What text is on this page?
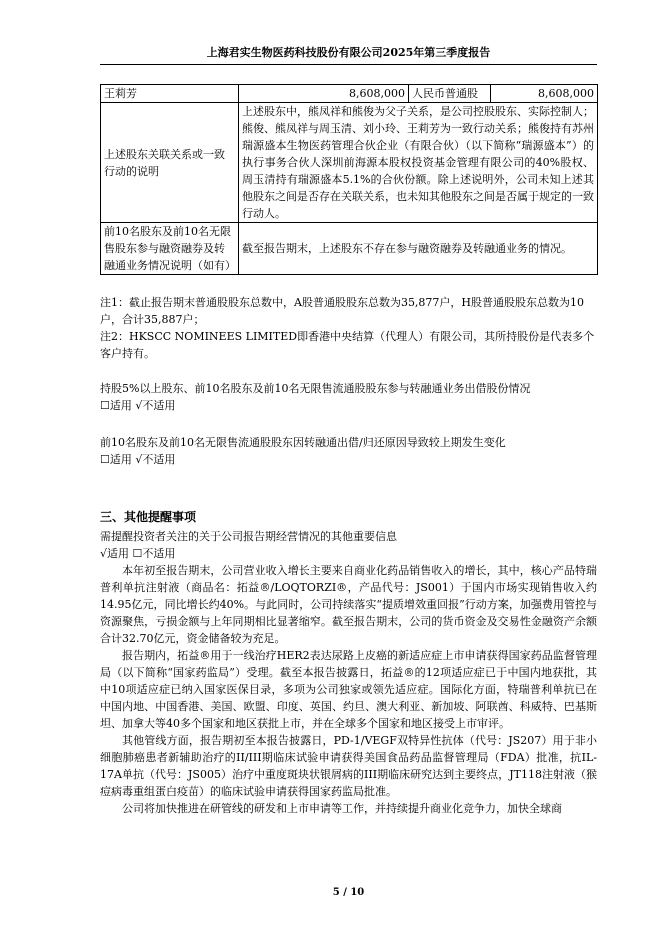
上海君实生物医药科技股份有限公司2025年第三季度报告
王莉芳	8,608,000	人民币普通股	8,608,000
上述股东关联关系或一致行动的说明	上述股东中，熊凤祥和熊俊为父子关系，是公司控股股东、实际控制人；熊俊、熊凤祥与周玉清、刘小玲、王莉芳为一致行动关系；熊俊持有苏州瑞源盛本生物医药管理合伙企业（有限合伙）（以下简称“瑞源盛本”）的执行事务合伙人深圳前海源本股权投资基金管理有限公司的40%股权、周玉清持有瑞源盛本5.1%的合伙份额。除上述说明外，公司未知上述其他股东之间是否存在关联关系，也未知其他股东之间是否属于规定的一致行动人。		
前10名股东及前10名无限售股东参与融资融券及转融通业务情况说明（如有）	截至报告期末，上述股东不存在参与融资融券及转融通业务的情况。		

注1：截止报告期末普通股股东总数中，A股普通股股东总数为35,877户，H股普通股股东总数为10户，合计35,887户；

注2：HKSCC NOMINEES LIMITED即香港中央结算（代理人）有限公司，其所持股份是代表多个客户持有。

持股5%以上股东、前10名股东及前10名无限售流通股股东参与转融通业务出借股份情况

☐适用 √不适用

前10名股东及前10名无限售流通股股东因转融通出借/归还原因导致较上期发生变化

☐适用 √不适用

三、其他提醒事项

需提醒投资者关注的关于公司报告期经营情况的其他重要信息

√适用 ☐不适用

本年初至报告期末，公司营业收入增长主要来自商业化药品销售收入的增长，其中，核心产品特瑞普利单抗注射液（商品名：拓益®/LOQTORZI®，产品代号：JS001）于国内市场实现销售收入约14.95亿元，同比增长约40%。与此同时，公司持续落实“提质增效重回报”行动方案，加强费用管控与资源聚焦，亏损金额与上年同期相比显著缩窄。截至报告期末，公司的货币资金及交易性金融资产余额合计32.70亿元，资金储备较为充足。

报告期内，拓益®用于一线治疗HER2表达尿路上皮癌的新适应症上市申请获得国家药品监督管理局（以下简称“国家药监局”）受理。截至本报告披露日，拓益®的12项适应症已于中国内地获批，其中10项适应症已纳入国家医保目录，多项为公司独家或领先适应症。国际化方面，特瑞普利单抗已在中国内地、中国香港、美国、欧盟、印度、英国、约旦、澳大利亚、新加坡、阿联酋、科威特、巴基斯坦、加拿大等40多个国家和地区获批上市，并在全球多个国家和地区接受上市审评。

其他管线方面，报告期初至本报告披露日，PD-1/VEGF双特异性抗体（代号：JS207）用于非小细胞肺癌患者新辅助治疗的II/III期临床试验申请获得美国食品药品监督管理局（FDA）批准，抗IL-17A单抗（代号：JS005）治疗中重度斑块状银屑病的III期临床研究达到主要终点，JT118注射液（猴痘病毒重组蛋白疫苗）的临床试验申请获得国家药监局批准。

公司将加快推进在研管线的研发和上市申请等工作，并持续提升商业化竞争力，加快全球商

5 / 10
